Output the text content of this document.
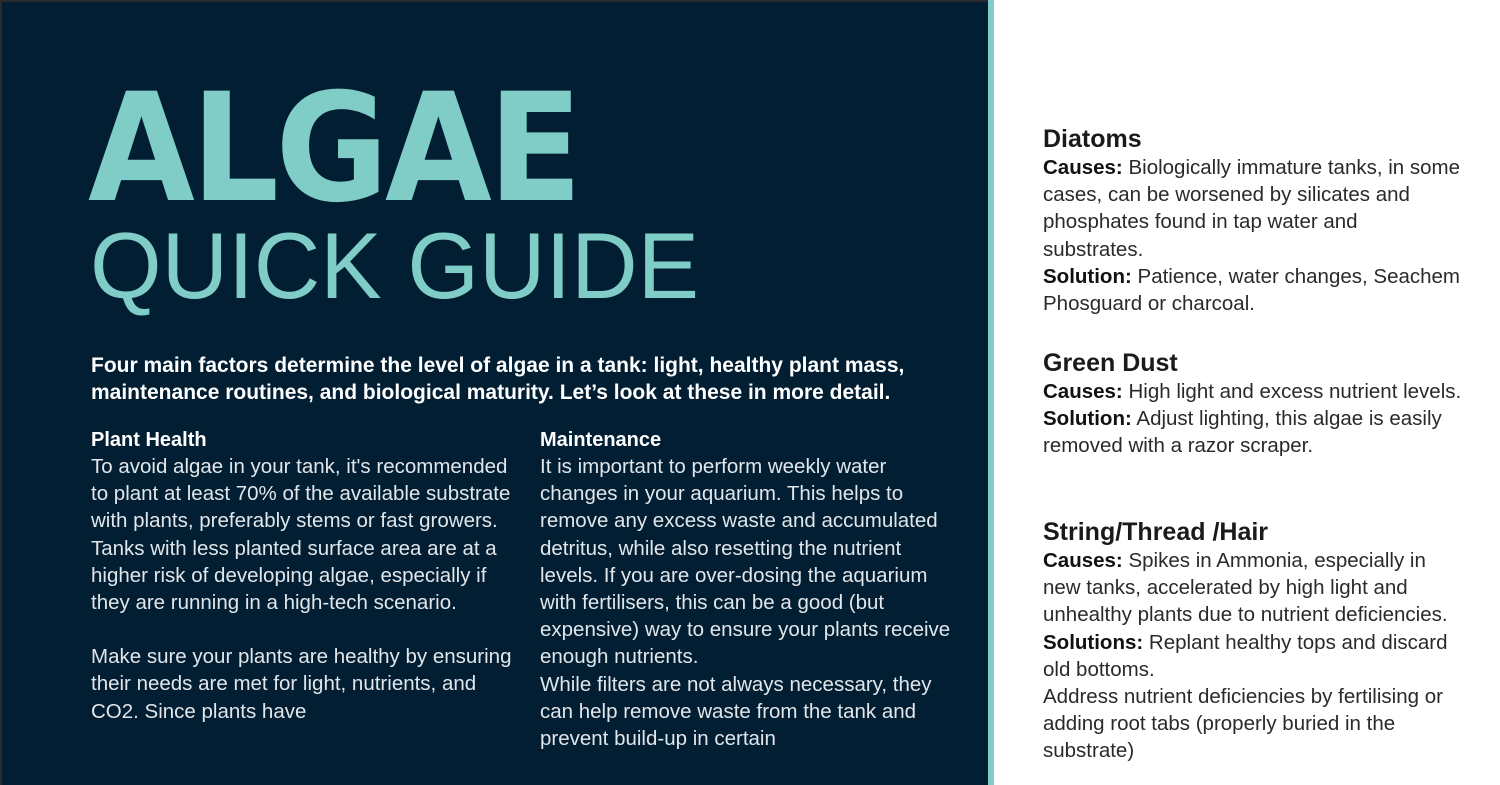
ALGAE
QUICK GUIDE
Four main factors determine the level of algae in a tank: light, healthy plant mass, maintenance routines, and biological maturity. Let’s look at these in more detail.
Plant Health

To avoid algae in your tank, it's recommended to plant at least 70% of the available substrate with plants, preferably stems or fast growers. Tanks with less planted surface area are at a higher risk of developing algae, especially if they are running in a high-tech scenario.

Make sure your plants are healthy by ensuring their needs are met for light, nutrients, and CO2. Since plants have

Maintenance

It is important to perform weekly water changes in your aquarium. This helps to remove any excess waste and accumulated detritus, while also resetting the nutrient levels. If you are over-dosing the aquarium with fertilisers, this can be a good (but expensive) way to ensure your plants receive enough nutrients.

While filters are not always necessary, they can help remove waste from the tank and prevent build-up in certain

Diatoms

Causes: Biologically immature tanks, in some cases, can be worsened by silicates and phosphates found in tap water and substrates.

Solution: Patience, water changes, Seachem Phosguard or charcoal.

Green Dust

Causes: High light and excess nutrient levels.

Solution: Adjust lighting, this algae is easily removed with a razor scraper.

String/Thread /Hair

Causes: Spikes in Ammonia, especially in new tanks, accelerated by high light and unhealthy plants due to nutrient deficiencies.

Solutions: Replant healthy tops and discard old bottoms.

Address nutrient deficiencies by fertilising or adding root tabs (properly buried in the substrate)
